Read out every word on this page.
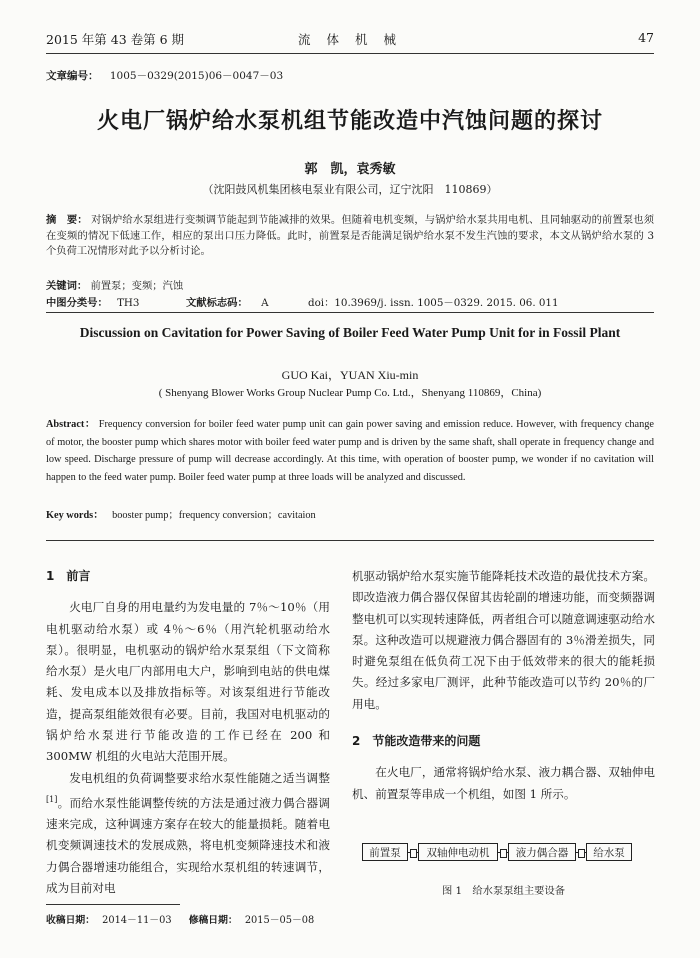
2015 年第 43 卷第 6 期	流 体 机 械	47
文章编号： 1005－0329(2015)06－0047－03
火电厂锅炉给水泵机组节能改造中汽蚀问题的探讨
郭　凯，袁秀敏
（沈阳鼓风机集团核电泵业有限公司，辽宁沈阳　110869）
摘　要： 对锅炉给水泵组进行变频调节能起到节能减排的效果。但随着电机变频，与锅炉给水泵共用电机、且同轴驱动的前置泵也须在变频的情况下低速工作，相应的泵出口压力降低。此时，前置泵是否能满足锅炉给水泵不发生汽蚀的要求，本文从锅炉给水泵的 3 个负荷工况情形对此予以分析讨论。
关键词： 前置泵；变频；汽蚀
中图分类号： TH3	文献标志码： A	doi：10.3969/j. issn. 1005－0329. 2015. 06. 011
Discussion on Cavitation for Power Saving of Boiler Feed Water Pump Unit for in Fossil Plant
GUO Kai，YUAN Xiu-min
( Shenyang Blower Works Group Nuclear Pump Co. Ltd.，Shenyang 110869，China)
Abstract： Frequency conversion for boiler feed water pump unit can gain power saving and emission reduce. However, with frequency change of motor, the booster pump which shares motor with boiler feed water pump and is driven by the same shaft, shall operate in frequency change and low speed. Discharge pressure of pump will decrease accordingly. At this time, with operation of booster pump, we wonder if no cavitation will happen to the feed water pump. Boiler feed water pump at three loads will be analyzed and discussed.
Key words： booster pump；frequency conversion；cavitaion
1　前言

火电厂自身的用电量约为发电量的 7％～10％（用电机驱动给水泵）或 4％～6％（用汽轮机驱动给水泵）。很明显，电机驱动的锅炉给水泵泵组（下文简称给水泵）是火电厂内部用电大户，影响到电站的供电煤耗、发电成本以及排放指标等。对该泵组进行节能改造，提高泵组能效很有必要。目前，我国对电机驱动的锅炉给水泵进行节能改造的工作已经在 200 和 300MW 机组的火电站大范围开展。

发电机组的负荷调整要求给水泵性能随之适当调整[1]。而给水泵性能调整传统的方法是通过液力偶合器调速来完成，这种调速方案存在较大的能量损耗。随着电机变频调速技术的发展成熟，将电机变频降速技术和液力偶合器增速功能组合，实现给水泵机组的转速调节，成为目前对电

机驱动锅炉给水泵实施节能降耗技术改造的最优技术方案。即改造液力偶合器仅保留其齿轮副的增速功能，而变频器调整电机可以实现转速降低，两者组合可以随意调速驱动给水泵。这种改造可以规避液力偶合器固有的 3％滑差损失，同时避免泵组在低负荷工况下由于低效带来的很大的能耗损失。经过多家电厂测评，此种节能改造可以节约 20％的厂用电。

2　节能改造带来的问题

在火电厂，通常将锅炉给水泵、液力耦合器、双轴伸电机、前置泵等串成一个机组，如图 1 所示。

前置泵	双轴伸电动机	液力偶合器	给水泵
图 1　给水泵泵组主要设备
收稿日期： 2014－11－03 修稿日期： 2015－05－08
